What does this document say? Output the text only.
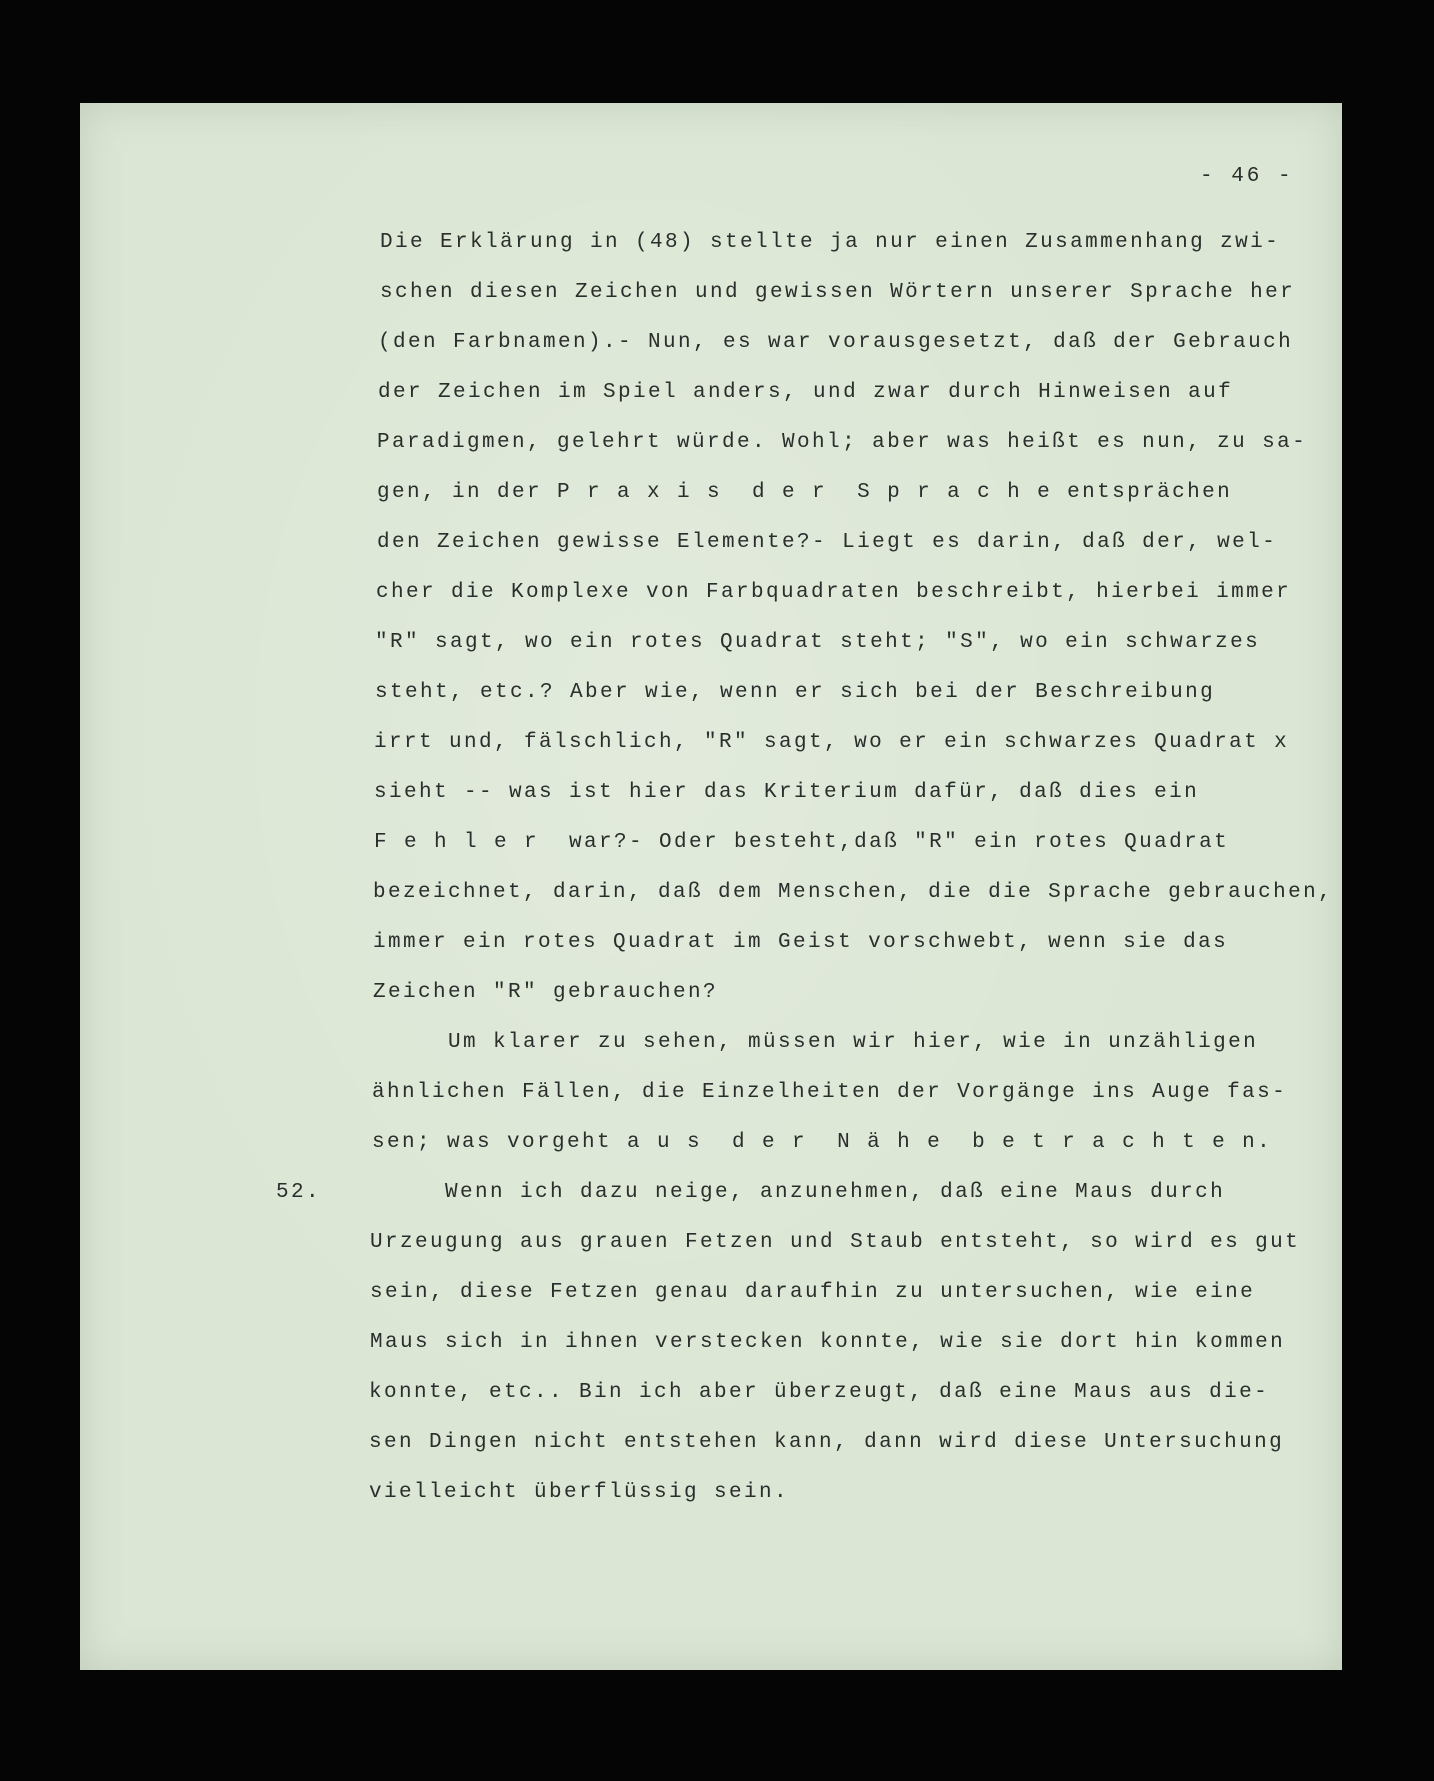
- 46 -
Die Erklärung in (48) stellte ja nur einen Zusammenhang zwi-
schen diesen Zeichen und gewissen Wörtern unserer Sprache her
(den Farbnamen).- Nun, es war vorausgesetzt, daß der Gebrauch
der Zeichen im Spiel anders, und zwar durch Hinweisen auf
Paradigmen, gelehrt würde. Wohl; aber was heißt es nun, zu sa-
gen, in der P r a x i s  d e r  S p r a c h e entsprächen
den Zeichen gewisse Elemente?- Liegt es darin, daß der, wel-
cher die Komplexe von Farbquadraten beschreibt, hierbei immer
"R" sagt, wo ein rotes Quadrat steht; "S", wo ein schwarzes
steht, etc.? Aber wie, wenn er sich bei der Beschreibung
irrt und, fälschlich, "R" sagt, wo er ein schwarzes Quadrat x
sieht -- was ist hier das Kriterium dafür, daß dies ein
F e h l e r  war?- Oder besteht,daß "R" ein rotes Quadrat
bezeichnet, darin, daß dem Menschen, die die Sprache gebrauchen,
immer ein rotes Quadrat im Geist vorschwebt, wenn sie das
Zeichen "R" gebrauchen?
Um klarer zu sehen, müssen wir hier, wie in unzähligen
ähnlichen Fällen, die Einzelheiten der Vorgänge ins Auge fas-
sen; was vorgeht a u s  d e r  N ä h e  b e t r a c h t e n.
52. Wenn ich dazu neige, anzunehmen, daß eine Maus durch
Urzeugung aus grauen Fetzen und Staub entsteht, so wird es gut
sein, diese Fetzen genau daraufhin zu untersuchen, wie eine
Maus sich in ihnen verstecken konnte, wie sie dort hin kommen
konnte, etc.. Bin ich aber überzeugt, daß eine Maus aus die-
sen Dingen nicht entstehen kann, dann wird diese Untersuchung
vielleicht überflüssig sein.
